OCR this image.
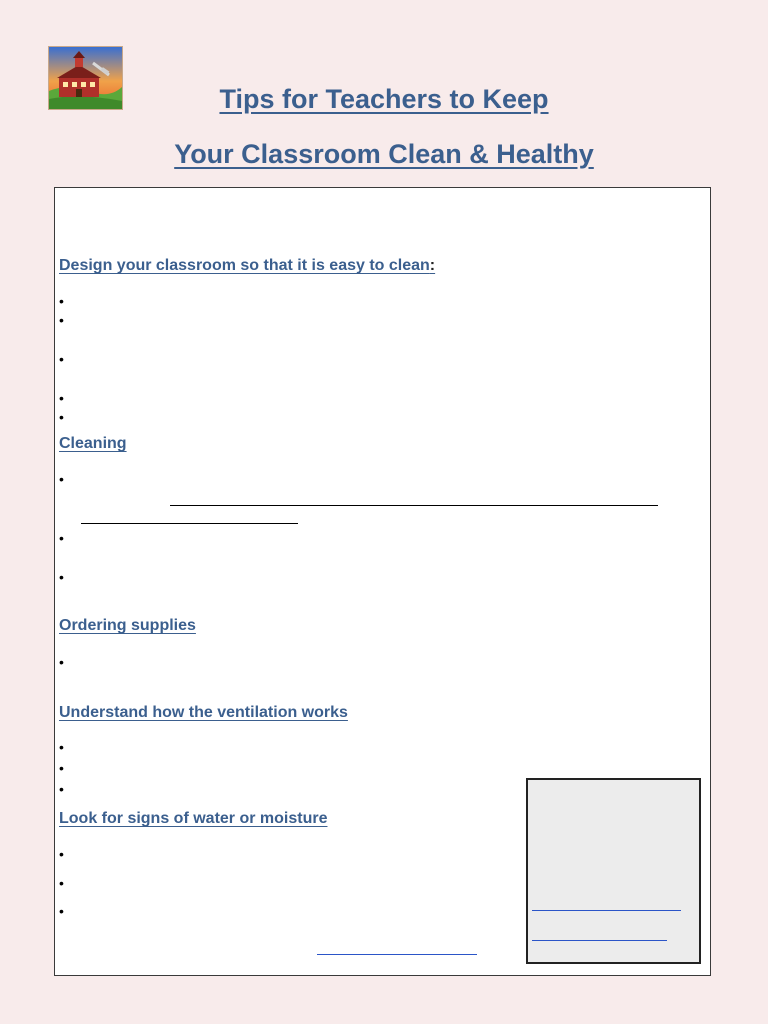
Tips for Teachers to Keep
Your Classroom Clean & Healthy
Design your classroom so that it is easy to clean:
•
•
•
•
•
Cleaning
•
•
•
Ordering supplies
•
Understand how the ventilation works
•
•
•
Look for signs of water or moisture
•
•
•
